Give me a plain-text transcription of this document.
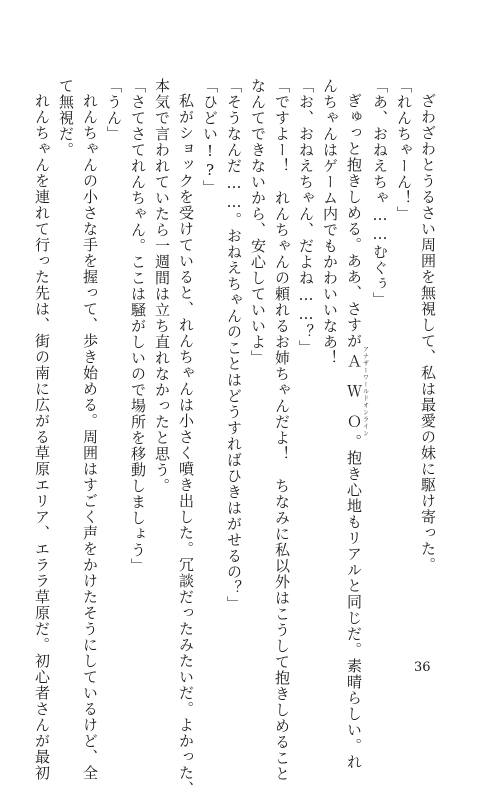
ざわざわとうるさい周囲を無視して、私は最愛の妹に駆け寄った。
「れんちゃーん！」
「あ、おねえちゃ……むぐぅ」
ぎゅっと抱きしめる。ああ、さすがＡＷＯアナザーワールドオンライン。抱き心地もリアルと同じだ。素晴らしい。れ
んちゃんはゲーム内でもかわいいなあ！
「お、おねえちゃん、だよね……？」
「ですよー！　れんちゃんの頼れるお姉ちゃんだよ！　ちなみに私以外はこうして抱きしめること
なんてできないから、安心していいよ」
「そうなんだ……。おねえちゃんのことはどうすればひきはがせるの？」
「ひどい!?」
私がショックを受けていると、れんちゃんは小さく噴き出した。冗談だったみたいだ。よかった、
本気で言われていたら一週間は立ち直れなかったと思う。
「さてさてれんちゃん。ここは騒がしいので場所を移動しましょう」
「うん」
れんちゃんの小さな手を握って、歩き始める。周囲はすごく声をかけたそうにしているけど、全
て無視だ。
れんちゃんを連れて行った先は、街の南に広がる草原エリア、エララ草原だ。初心者さんが最初	36
